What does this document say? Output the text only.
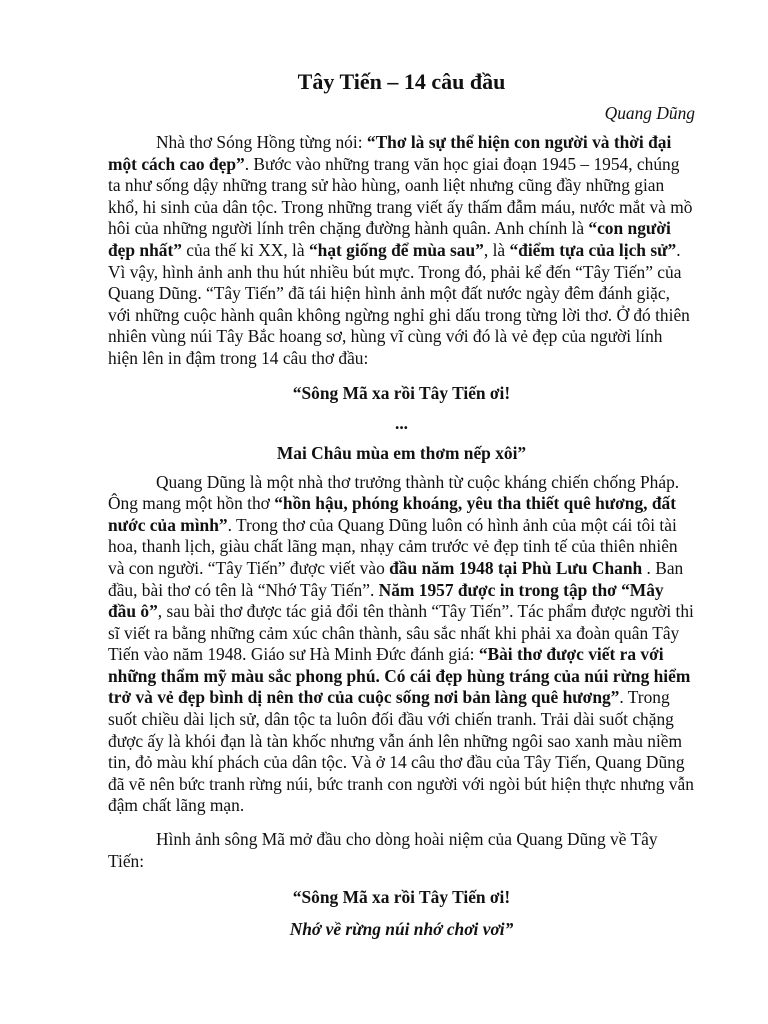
Tây Tiến – 14 câu đầu
Quang Dũng

Nhà thơ Sóng Hồng từng nói: “Thơ là sự thể hiện con người và thời đại một cách cao đẹp”. Bước vào những trang văn học giai đoạn 1945 – 1954, chúng ta như sống dậy những trang sử hào hùng, oanh liệt nhưng cũng đầy những gian khổ, hi sinh của dân tộc. Trong những trang viết ấy thấm đẫm máu, nước mắt và mồ hôi của những người lính trên chặng đường hành quân. Anh chính là “con người đẹp nhất” của thế kỉ XX, là “hạt giống để mùa sau”, là “điểm tựa của lịch sử”. Vì vậy, hình ảnh anh thu hút nhiều bút mực. Trong đó, phải kể đến “Tây Tiến” của Quang Dũng. “Tây Tiến” đã tái hiện hình ảnh một đất nước ngày đêm đánh giặc, với những cuộc hành quân không ngừng nghỉ ghi dấu trong từng lời thơ. Ở đó thiên nhiên vùng núi Tây Bắc hoang sơ, hùng vĩ cùng với đó là vẻ đẹp của người lính hiện lên in đậm trong 14 câu thơ đầu:

“Sông Mã xa rồi Tây Tiến ơi!

...

Mai Châu mùa em thơm nếp xôi”

Quang Dũng là một nhà thơ trưởng thành từ cuộc kháng chiến chống Pháp. Ông mang một hồn thơ “hồn hậu, phóng khoáng, yêu tha thiết quê hương, đất nước của mình”. Trong thơ của Quang Dũng luôn có hình ảnh của một cái tôi tài hoa, thanh lịch, giàu chất lãng mạn, nhạy cảm trước vẻ đẹp tinh tế của thiên nhiên và con người. “Tây Tiến” được viết vào đầu năm 1948 tại Phù Lưu Chanh . Ban đầu, bài thơ có tên là “Nhớ Tây Tiến”. Năm 1957 được in trong tập thơ “Mây đầu ô”, sau bài thơ được tác giả đổi tên thành “Tây Tiến”. Tác phẩm được người thi sĩ viết ra bằng những cảm xúc chân thành, sâu sắc nhất khi phải xa đoàn quân Tây Tiến vào năm 1948. Giáo sư Hà Minh Đức đánh giá: “Bài thơ được viết ra với những thẩm mỹ màu sắc phong phú. Có cái đẹp hùng tráng của núi rừng hiểm trở và vẻ đẹp bình dị nên thơ của cuộc sống nơi bản làng quê hương”. Trong suốt chiều dài lịch sử, dân tộc ta luôn đối đầu với chiến tranh. Trải dài suốt chặng được ấy là khói đạn là tàn khốc nhưng vẫn ánh lên những ngôi sao xanh màu niềm tin, đỏ màu khí phách của dân tộc. Và ở 14 câu thơ đầu của Tây Tiến, Quang Dũng đã vẽ nên bức tranh rừng núi, bức tranh con người với ngòi bút hiện thực nhưng vẫn đậm chất lãng mạn.

Hình ảnh sông Mã mở đầu cho dòng hoài niệm của Quang Dũng về Tây Tiến:

“Sông Mã xa rồi Tây Tiến ơi!

Nhớ về rừng núi nhớ chơi vơi”
